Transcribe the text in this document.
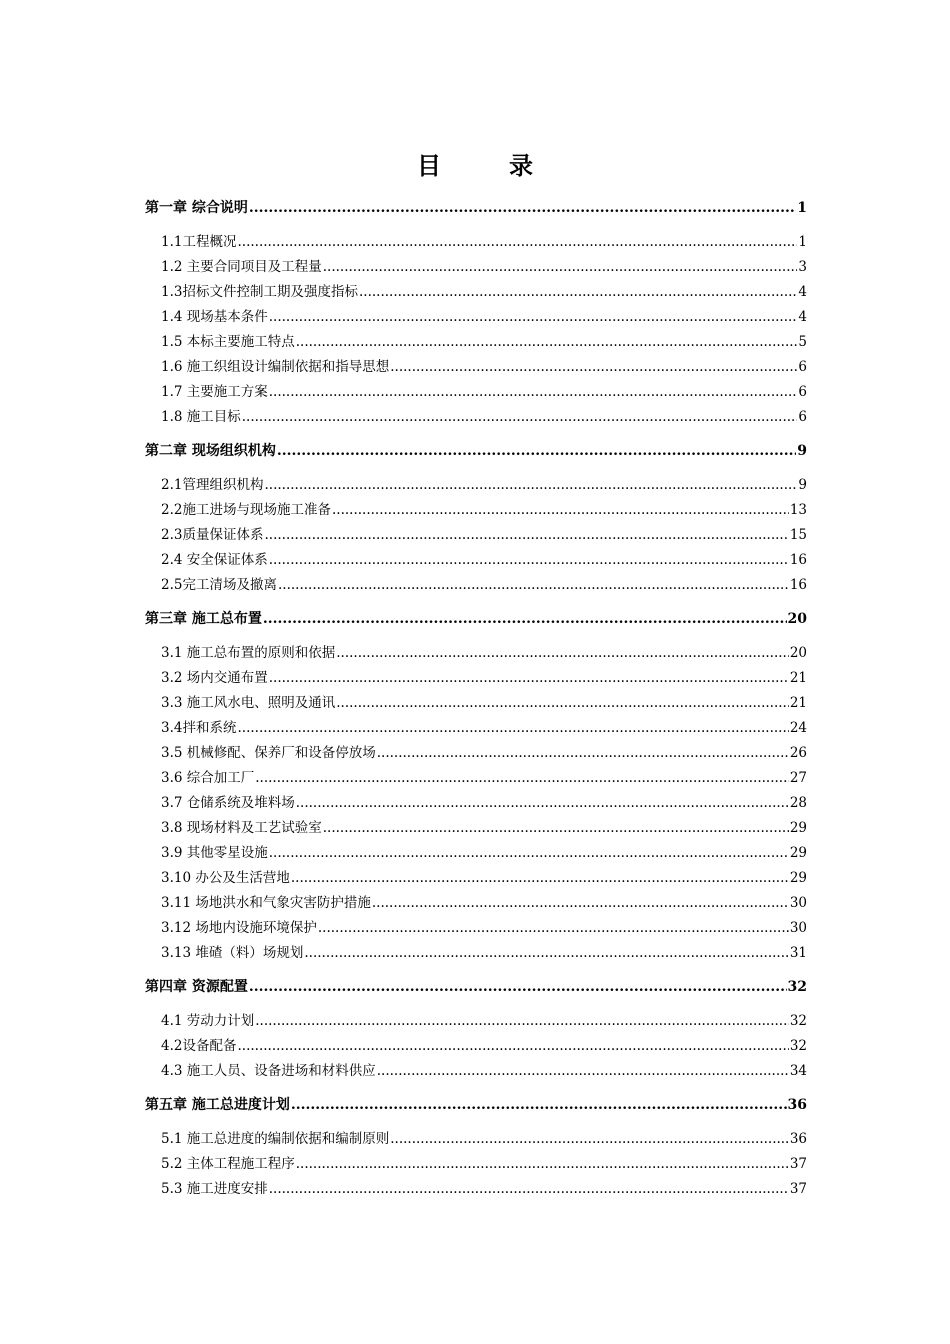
目　录
第一章 综合说明 .....	1
1.1工程概况 .....	1
1.2 主要合同项目及工程量 .....	3
1.3招标文件控制工期及强度指标 .....	4
1.4 现场基本条件 .....	4
1.5 本标主要施工特点 .....	5
1.6 施工织组设计编制依据和指导思想 .....	6
1.7 主要施工方案 .....	6
1.8 施工目标 .....	6
第二章 现场组织机构 .....	9
2.1管理组织机构 .....	9
2.2施工进场与现场施工准备 .....	13
2.3质量保证体系 .....	15
2.4 安全保证体系 .....	16
2.5完工清场及撤离 .....	16
第三章 施工总布置 .....	20
3.1 施工总布置的原则和依据 .....	20
3.2 场内交通布置 .....	21
3.3 施工风水电、照明及通讯 .....	21
3.4拌和系统 .....	24
3.5 机械修配、保养厂和设备停放场 .....	26
3.6 综合加工厂 .....	27
3.7 仓储系统及堆料场 .....	28
3.8 现场材料及工艺试验室 .....	29
3.9 其他零星设施 .....	29
3.10 办公及生活营地 .....	29
3.11 场地洪水和气象灾害防护措施 .....	30
3.12 场地内设施环境保护 .....	30
3.13 堆碴（料）场规划 .....	31
第四章 资源配置 .....	32
4.1 劳动力计划 .....	32
4.2设备配备 .....	32
4.3 施工人员、设备进场和材料供应 .....	34
第五章 施工总进度计划 .....	36
5.1 施工总进度的编制依据和编制原则 .....	36
5.2 主体工程施工程序 .....	37
5.3 施工进度安排 .....	37
